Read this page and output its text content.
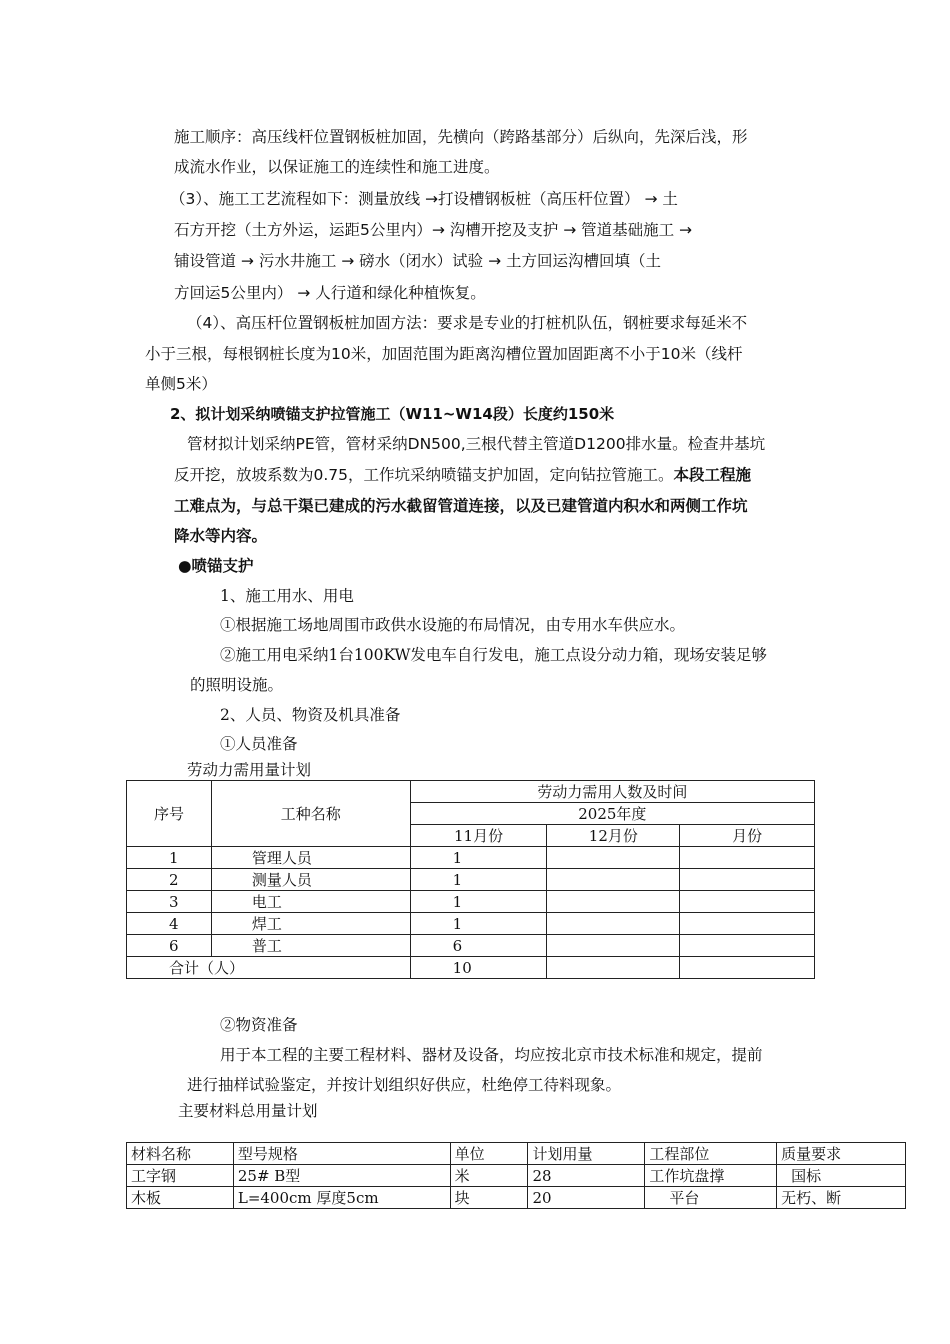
施工顺序：高压线杆位置钢板桩加固，先横向（跨路基部分）后纵向，先深后浅，形
成流水作业，以保证施工的连续性和施工进度。
（3）、施工工艺流程如下：测量放线 →打设槽钢板桩（高压杆位置） → 土
石方开挖（土方外运，运距5公里内）→ 沟槽开挖及支护 → 管道基础施工 →
铺设管道 → 污水井施工 → 磅水（闭水）试验 → 土方回运沟槽回填（土
方回运5公里内） → 人行道和绿化种植恢复。
（4）、高压杆位置钢板桩加固方法：要求是专业的打桩机队伍，钢桩要求每延米不
小于三根，每根钢桩长度为10米，加固范围为距离沟槽位置加固距离不小于10米（线杆
单侧5米）
2、拟计划采纳喷锚支护拉管施工（W11~W14段）长度约150米
管材拟计划采纳PE管，管材采纳DN500,三根代替主管道D1200排水量。检查井基坑
反开挖，放坡系数为0.75，工作坑采纳喷锚支护加固，定向钻拉管施工。本段工程施
工难点为，与总干渠已建成的污水截留管道连接，以及已建管道内积水和两侧工作坑
降水等内容。
●喷锚支护
1、施工用水、用电
①根据施工场地周围市政供水设施的布局情况，由专用水车供应水。
②施工用电采纳1台100KW发电车自行发电，施工点设分动力箱，现场安装足够
的照明设施。
2、人员、物资及机具准备
①人员准备
劳动力需用量计划
序号	工种名称	劳动力需用人数及时间		
		2025年度		
		11月份	12月份	月份
1	管理人员	1		
2	测量人员	1		
3	电工	1		
4	焊工	1		
6	普工	6		
合计（人）		10		
②物资准备
用于本工程的主要工程材料、器材及设备，均应按北京市技术标准和规定，提前
进行抽样试验鉴定，并按计划组织好供应，杜绝停工待料现象。
主要材料总用量计划
材料名称	型号规格	单位	计划用量	工程部位	质量要求
工字钢	25# B型	米	28	工作坑盘撑	国标
木板	L=400cm 厚度5cm	块	20	平台	无朽、断
